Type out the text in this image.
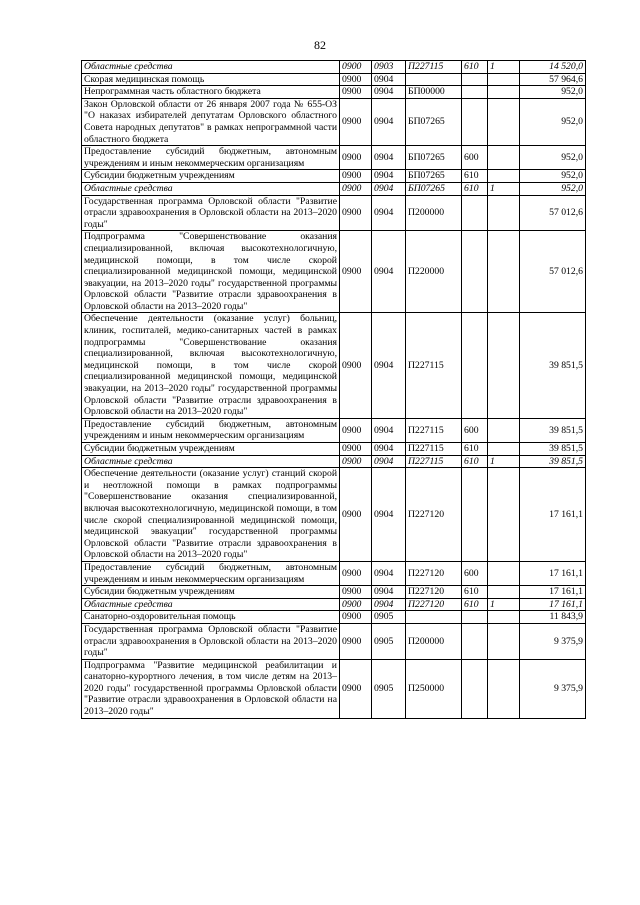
82
Областные средства	0900	0903	П227115	610	1	14 520,0
Скорая медицинская помощь	0900	0904				57 964,6
Непрограммная часть областного бюджета	0900	0904	БП00000			952,0
Закон Орловской области от 26 января 2007 года № 655-ОЗ "О наказах избирателей депутатам Орловского областного Совета народных депутатов" в рамках непрограммной части областного бюджета	0900	0904	БП07265			952,0
Предоставление субсидий бюджетным, автономным учреждениям и иным некоммерческим организациям	0900	0904	БП07265	600		952,0
Субсидии бюджетным учреждениям	0900	0904	БП07265	610		952,0
Областные средства	0900	0904	БП07265	610	1	952,0
Государственная программа Орловской области "Развитие отрасли здравоохранения в Орловской области на 2013–2020 годы"	0900	0904	П200000			57 012,6
Подпрограмма "Совершенствование оказания специализированной, включая высокотехнологичную, медицинской помощи, в том числе скорой специализированной медицинской помощи, медицинской эвакуации, на 2013–2020 годы" государственной программы Орловской области "Развитие отрасли здравоохранения в Орловской области на 2013–2020 годы"	0900	0904	П220000			57 012,6
Обеспечение деятельности (оказание услуг) больниц, клиник, госпиталей, медико-санитарных частей в рамках подпрограммы "Совершенствование оказания специализированной, включая высокотехнологичную, медицинской помощи, в том числе скорой специализированной медицинской помощи, медицинской эвакуации, на 2013–2020 годы" государственной программы Орловской области "Развитие отрасли здравоохранения в Орловской области на 2013–2020 годы"	0900	0904	П227115			39 851,5
Предоставление субсидий бюджетным, автономным учреждениям и иным некоммерческим организациям	0900	0904	П227115	600		39 851,5
Субсидии бюджетным учреждениям	0900	0904	П227115	610		39 851,5
Областные средства	0900	0904	П227115	610	1	39 851,5
Обеспечение деятельности (оказание услуг) станций скорой и неотложной помощи в рамках подпрограммы "Совершенствование оказания специализированной, включая высокотехнологичную, медицинской помощи, в том числе скорой специализированной медицинской помощи, медицинской эвакуации" государственной программы Орловской области "Развитие отрасли здравоохранения в Орловской области на 2013–2020 годы"	0900	0904	П227120			17 161,1
Предоставление субсидий бюджетным, автономным учреждениям и иным некоммерческим организациям	0900	0904	П227120	600		17 161,1
Субсидии бюджетным учреждениям	0900	0904	П227120	610		17 161,1
Областные средства	0900	0904	П227120	610	1	17 161,1
Санаторно-оздоровительная помощь	0900	0905				11 843,9
Государственная программа Орловской области "Развитие отрасли здравоохранения в Орловской области на 2013–2020 годы"	0900	0905	П200000			9 375,9
Подпрограмма "Развитие медицинской реабилитации и санаторно-курортного лечения, в том числе детям на 2013–2020 годы" государственной программы Орловской области "Развитие отрасли здравоохранения в Орловской области на 2013–2020 годы"	0900	0905	П250000			9 375,9
